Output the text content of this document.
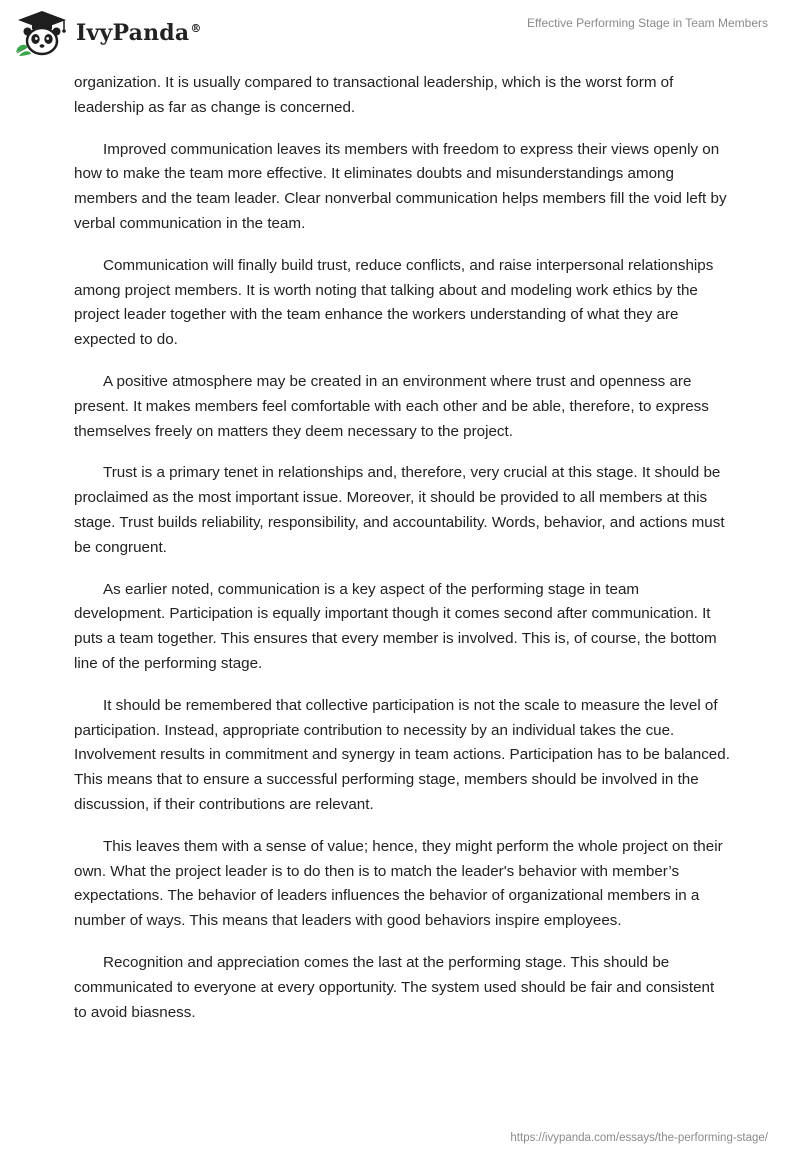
IvyPanda®	Effective Performing Stage in Team Members

organization. It is usually compared to transactional leadership, which is the worst form of leadership as far as change is concerned.

Improved communication leaves its members with freedom to express their views openly on how to make the team more effective. It eliminates doubts and misunderstandings among members and the team leader. Clear nonverbal communication helps members fill the void left by verbal communication in the team.

Communication will finally build trust, reduce conflicts, and raise interpersonal relationships among project members. It is worth noting that talking about and modeling work ethics by the project leader together with the team enhance the workers understanding of what they are expected to do.

A positive atmosphere may be created in an environment where trust and openness are present. It makes members feel comfortable with each other and be able, therefore, to express themselves freely on matters they deem necessary to the project.

Trust is a primary tenet in relationships and, therefore, very crucial at this stage. It should be proclaimed as the most important issue. Moreover, it should be provided to all members at this stage. Trust builds reliability, responsibility, and accountability. Words, behavior, and actions must be congruent.

As earlier noted, communication is a key aspect of the performing stage in team development. Participation is equally important though it comes second after communication. It puts a team together. This ensures that every member is involved. This is, of course, the bottom line of the performing stage.

It should be remembered that collective participation is not the scale to measure the level of participation. Instead, appropriate contribution to necessity by an individual takes the cue. Involvement results in commitment and synergy in team actions. Participation has to be balanced. This means that to ensure a successful performing stage, members should be involved in the discussion, if their contributions are relevant.

This leaves them with a sense of value; hence, they might perform the whole project on their own. What the project leader is to do then is to match the leader's behavior with member’s expectations. The behavior of leaders influences the behavior of organizational members in a number of ways. This means that leaders with good behaviors inspire employees.

Recognition and appreciation comes the last at the performing stage. This should be communicated to everyone at every opportunity. The system used should be fair and consistent to avoid biasness.

https://ivypanda.com/essays/the-performing-stage/
